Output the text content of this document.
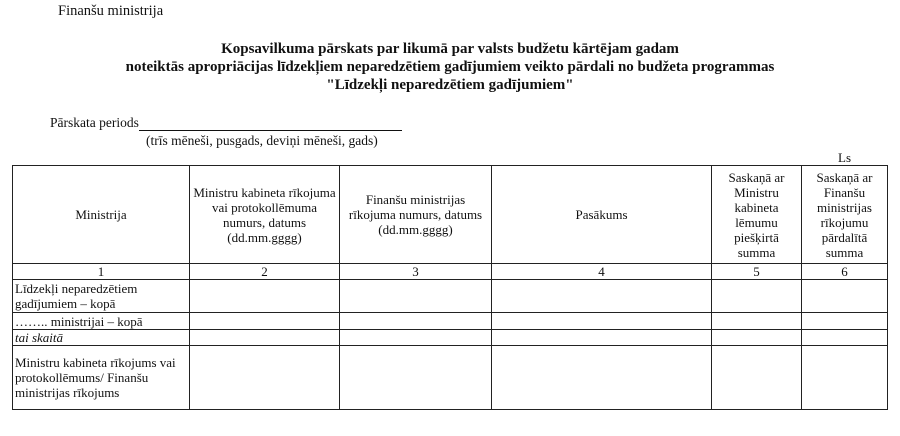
Finanšu ministrija
Kopsavilkuma pārskats par likumā par valsts budžetu kārtējam gadam
noteiktās apropriācijas līdzekļiem neparedzētiem gadījumiem veikto pārdali no budžeta programmas
"Līdzekļi neparedzētiem gadījumiem"
Pārskata periods
(trīs mēneši, pusgads, deviņi mēneši, gads)
Ls
Ministrija	Ministru kabineta rīkojuma vai protokollēmuma numurs, datums (dd.mm.gggg)	Finanšu ministrijas rīkojuma numurs, datums (dd.mm.gggg)	Pasākums	Saskaņā ar Ministru kabineta lēmumu piešķirtā summa	Saskaņā ar Finanšu ministrijas rīkojumu pārdalītā summa
1	2	3	4	5	6
Līdzekļi neparedzētiem gadījumiem – kopā					
…….. ministrijai – kopā					
tai skaitā					
Ministru kabineta rīkojums vai protokollēmums/ Finanšu ministrijas rīkojums					
